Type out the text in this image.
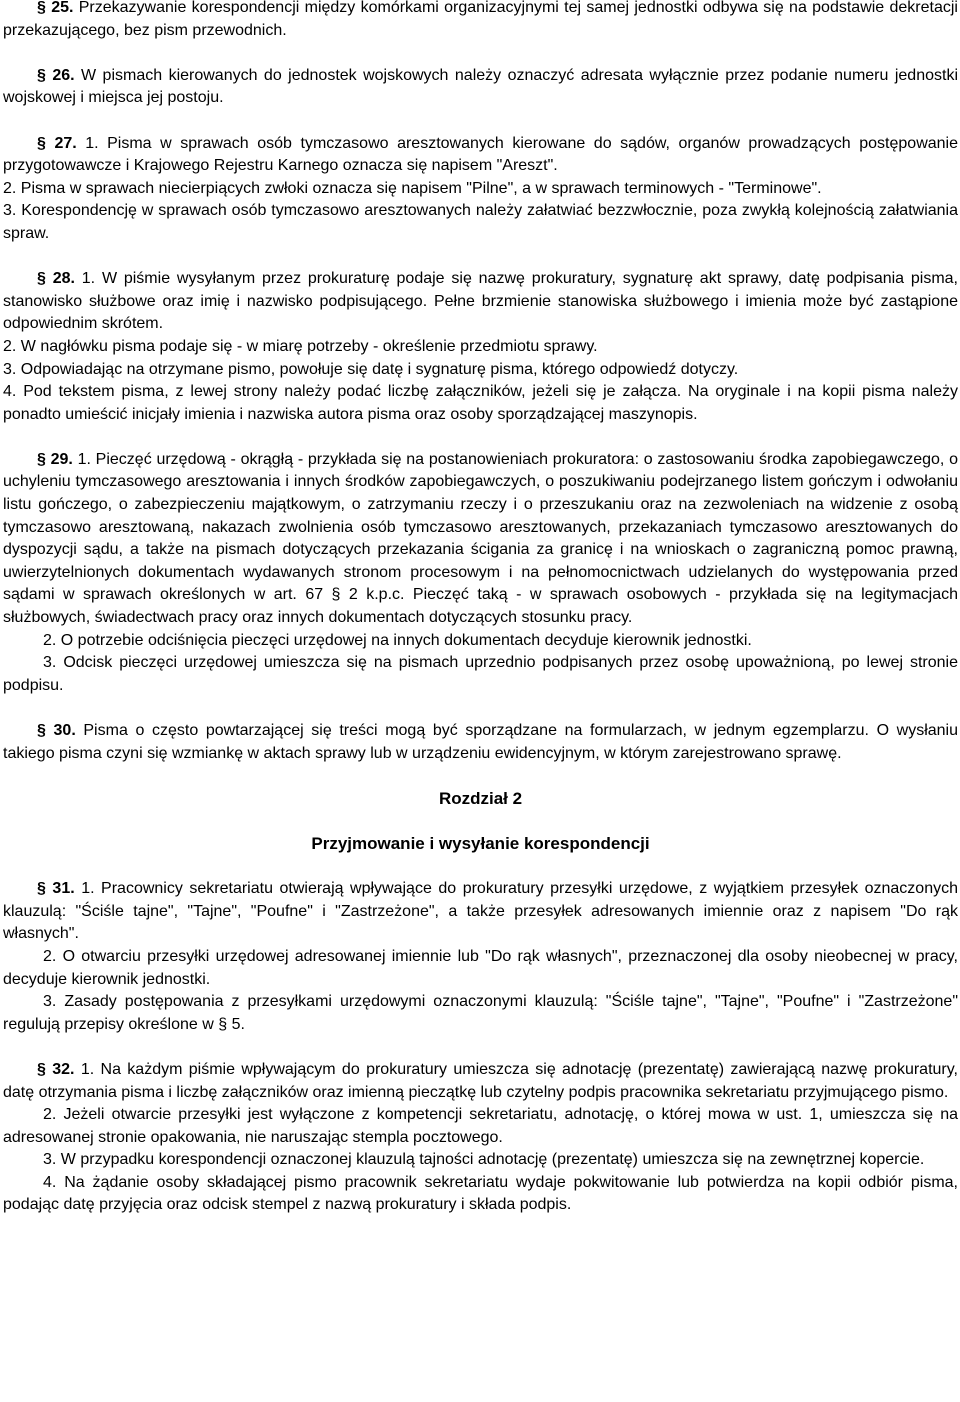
§ 25. Przekazywanie korespondencji między komórkami organizacyjnymi tej samej jednostki odbywa się na podstawie dekretacji przekazującego, bez pism przewodnich.

§ 26. W pismach kierowanych do jednostek wojskowych należy oznaczyć adresata wyłącznie przez podanie numeru jednostki wojskowej i miejsca jej postoju.

§ 27. 1. Pisma w sprawach osób tymczasowo aresztowanych kierowane do sądów, organów prowadzących postępowanie przygotowawcze i Krajowego Rejestru Karnego oznacza się napisem "Areszt".

2. Pisma w sprawach niecierpiących zwłoki oznacza się napisem "Pilne", a w sprawach terminowych - "Terminowe".

3. Korespondencję w sprawach osób tymczasowo aresztowanych należy załatwiać bezzwłocznie, poza zwykłą kolejnością załatwiania spraw.

§ 28. 1. W piśmie wysyłanym przez prokuraturę podaje się nazwę prokuratury, sygnaturę akt sprawy, datę podpisania pisma, stanowisko służbowe oraz imię i nazwisko podpisującego. Pełne brzmienie stanowiska służbowego i imienia może być zastąpione odpowiednim skrótem.

2. W nagłówku pisma podaje się - w miarę potrzeby - określenie przedmiotu sprawy.

3. Odpowiadając na otrzymane pismo, powołuje się datę i sygnaturę pisma, którego odpowiedź dotyczy.

4. Pod tekstem pisma, z lewej strony należy podać liczbę załączników, jeżeli się je załącza. Na oryginale i na kopii pisma należy ponadto umieścić inicjały imienia i nazwiska autora pisma oraz osoby sporządzającej maszynopis.

§ 29. 1. Pieczęć urzędową - okrągłą - przykłada się na postanowieniach prokuratora: o zastosowaniu środka zapobiegawczego, o uchyleniu tymczasowego aresztowania i innych środków zapobiegawczych, o poszukiwaniu podejrzanego listem gończym i odwołaniu listu gończego, o zabezpieczeniu majątkowym, o zatrzymaniu rzeczy i o przeszukaniu oraz na zezwoleniach na widzenie z osobą tymczasowo aresztowaną, nakazach zwolnienia osób tymczasowo aresztowanych, przekazaniach tymczasowo aresztowanych do dyspozycji sądu, a także na pismach dotyczących przekazania ścigania za granicę i na wnioskach o zagraniczną pomoc prawną, uwierzytelnionych dokumentach wydawanych stronom procesowym i na pełnomocnictwach udzielanych do występowania przed sądami w sprawach określonych w art. 67 § 2 k.p.c. Pieczęć taką - w sprawach osobowych - przykłada się na legitymacjach służbowych, świadectwach pracy oraz innych dokumentach dotyczących stosunku pracy.

2. O potrzebie odciśnięcia pieczęci urzędowej na innych dokumentach decyduje kierownik jednostki.

3. Odcisk pieczęci urzędowej umieszcza się na pismach uprzednio podpisanych przez osobę upoważnioną, po lewej stronie podpisu.

§ 30. Pisma o często powtarzającej się treści mogą być sporządzane na formularzach, w jednym egzemplarzu. O wysłaniu takiego pisma czyni się wzmiankę w aktach sprawy lub w urządzeniu ewidencyjnym, w którym zarejestrowano sprawę.

Rozdział 2
Przyjmowanie i wysyłanie korespondencji

§ 31. 1. Pracownicy sekretariatu otwierają wpływające do prokuratury przesyłki urzędowe, z wyjątkiem przesyłek oznaczonych klauzulą: "Ściśle tajne", "Tajne", "Poufne" i "Zastrzeżone", a także przesyłek adresowanych imiennie oraz z napisem "Do rąk własnych".

2. O otwarciu przesyłki urzędowej adresowanej imiennie lub "Do rąk własnych", przeznaczonej dla osoby nieobecnej w pracy, decyduje kierownik jednostki.

3. Zasady postępowania z przesyłkami urzędowymi oznaczonymi klauzulą: "Ściśle tajne", "Tajne", "Poufne" i "Zastrzeżone" regulują przepisy określone w § 5.

§ 32. 1. Na każdym piśmie wpływającym do prokuratury umieszcza się adnotację (prezentatę) zawierającą nazwę prokuratury, datę otrzymania pisma i liczbę załączników oraz imienną pieczątkę lub czytelny podpis pracownika sekretariatu przyjmującego pismo.

2. Jeżeli otwarcie przesyłki jest wyłączone z kompetencji sekretariatu, adnotację, o której mowa w ust. 1, umieszcza się na adresowanej stronie opakowania, nie naruszając stempla pocztowego.

3. W przypadku korespondencji oznaczonej klauzulą tajności adnotację (prezentatę) umieszcza się na zewnętrznej kopercie.

4. Na żądanie osoby składającej pismo pracownik sekretariatu wydaje pokwitowanie lub potwierdza na kopii odbiór pisma, podając datę przyjęcia oraz odcisk stempel z nazwą prokuratury i składa podpis.
